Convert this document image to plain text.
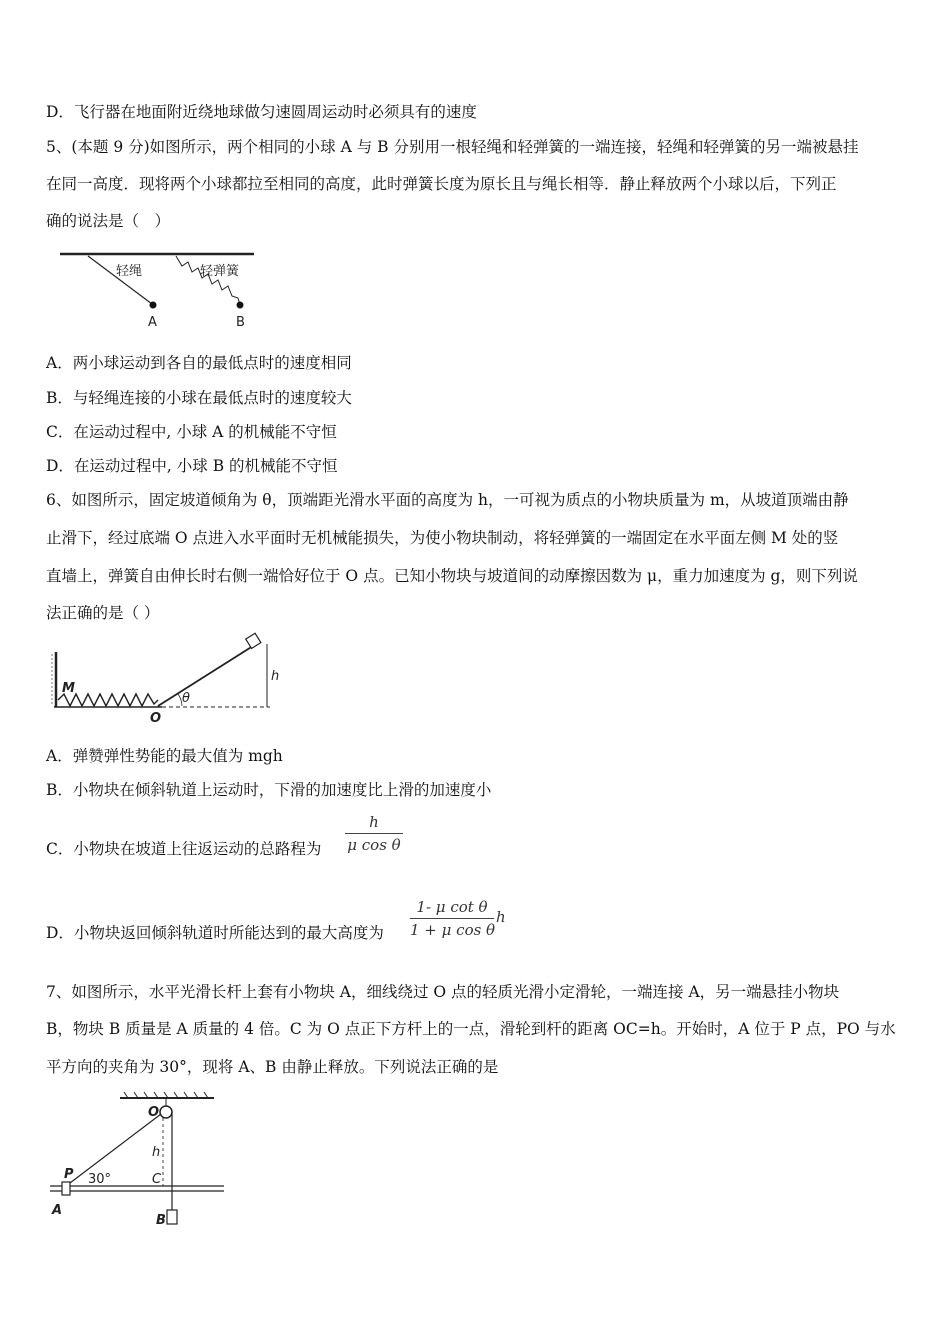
D．飞行器在地面附近绕地球做匀速圆周运动时必须具有的速度
5、(本题 9 分)如图所示，两个相同的小球 A 与 B 分别用一根轻绳和轻弹簧的一端连接，轻绳和轻弹簧的另一端被悬挂
在同一高度．现将两个小球都拉至相同的高度，此时弹簧长度为原长且与绳长相等．静止释放两个小球以后，下列正
确的说法是（　）
轻绳	轻弹簧
A	B
A．两小球运动到各自的最低点时的速度相同
B．与轻绳连接的小球在最低点时的速度较大
C．在运动过程中, 小球 A 的机械能不守恒
D．在运动过程中, 小球 B 的机械能不守恒
6、如图所示，固定坡道倾角为 θ，顶端距光滑水平面的高度为 h，一可视为质点的小物块质量为 m，从坡道顶端由静
止滑下，经过底端 O 点进入水平面时无机械能损失，为使小物块制动，将轻弹簧的一端固定在水平面左侧 M 处的竖
直墙上，弹簧自由伸长时右侧一端恰好位于 O 点。已知小物块与坡道间的动摩擦因数为 μ，重力加速度为 g，则下列说
法正确的是（ ）
M
O
θ
h
A．弹赞弹性势能的最大值为 mgh
B．小物块在倾斜轨道上运动时，下滑的加速度比上滑的加速度小
C．小物块在坡道上往返运动的总路程为
h
μ cos θ
D．小物块返回倾斜轨道时所能达到的最大高度为
1- μ cot θ
1 + μ cos θ
h
7、如图所示，水平光滑长杆上套有小物块 A，细线绕过 O 点的轻质光滑小定滑轮，一端连接 A，另一端悬挂小物块
B，物块 B 质量是 A 质量的 4 倍。C 为 O 点正下方杆上的一点，滑轮到杆的距离 OC=h。开始时，A 位于 P 点，PO 与水
平方向的夹角为 30°，现将 A、B 由静止释放。下列说法正确的是
O
h
P 30°	C
A
B
